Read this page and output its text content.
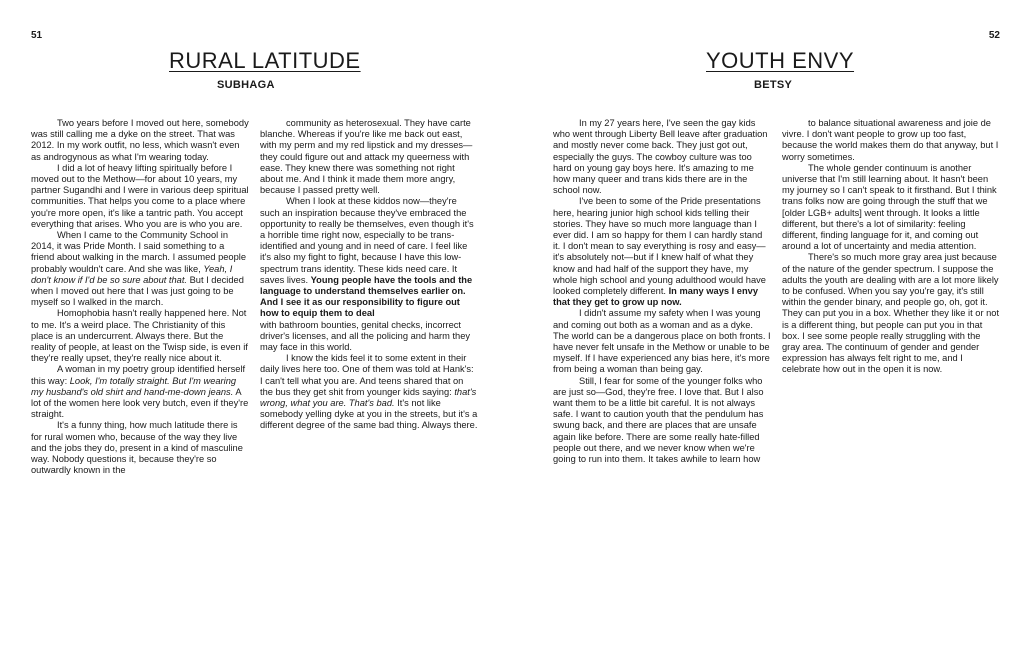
51
RURAL LATITUDE
SUBHAGA

Two years before I moved out here, somebody was still calling me a dyke on the street. That was 2012. In my work outfit, no less, which wasn't even as androgynous as what I'm wearing today.

I did a lot of heavy lifting spiritually before I moved out to the Methow—for about 10 years, my partner Sugandhi and I were in various deep spiritual communities. That helps you come to a place where you're more open, it's like a tantric path. You accept everything that arises. Who you are is who you are.

When I came to the Community School in 2014, it was Pride Month. I said something to a friend about walking in the march. I assumed people probably wouldn't care. And she was like, Yeah, I don't know if I'd be so sure about that. But I decided when I moved out here that I was just going to be myself so I walked in the march.

Homophobia hasn't really happened here. Not to me. It's a weird place. The Christianity of this place is an undercurrent. Always there. But the reality of people, at least on the Twisp side, is even if they're really upset, they're really nice about it.

A woman in my poetry group identified herself this way: Look, I'm totally straight. But I'm wearing my husband's old shirt and hand-me-down jeans. A lot of the women here look very butch, even if they're straight.

It's a funny thing, how much latitude there is for rural women who, because of the way they live and the jobs they do, present in a kind of masculine way. Nobody questions it, because they're so outwardly known in the

community as heterosexual. They have carte blanche. Whereas if you're like me back out east, with my perm and my red lipstick and my dresses—they could figure out and attack my queerness with ease. They knew there was something not right about me. And I think it made them more angry, because I passed pretty well.

When I look at these kiddos now—they're such an inspiration because they've embraced the opportunity to really be themselves, even though it's a horrible time right now, especially to be trans-identified and young and in need of care. I feel like it's also my fight to fight, because I have this low-spectrum trans identity. These kids need care. It saves lives. Young people have the tools and the language to understand themselves earlier on. And I see it as our responsibility to figure out how to equip them to deal

with bathroom bounties, genital checks, incorrect driver's licenses, and all the policing and harm they may face in this world.

I know the kids feel it to some extent in their daily lives here too. One of them was told at Hank's: I can't tell what you are. And teens shared that on the bus they get shit from younger kids saying: that's wrong, what you are. That's bad. It's not like somebody yelling dyke at you in the streets, but it's a different degree of the same bad thing. Always there.

52
YOUTH ENVY
BETSY

In my 27 years here, I've seen the gay kids who went through Liberty Bell leave after graduation and mostly never come back. They just got out, especially the guys. The cowboy culture was too hard on young gay boys here. It's amazing to me how many queer and trans kids there are in the school now.

I've been to some of the Pride presentations here, hearing junior high school kids telling their stories. They have so much more language than I ever did. I am so happy for them I can hardly stand it. I don't mean to say everything is rosy and easy—it's absolutely not—but if I knew half of what they know and had half of the support they have, my whole high school and young adulthood would have looked completely different. In many ways I envy that they get to grow up now.

I didn't assume my safety when I was young and coming out both as a woman and as a dyke. The world can be a dangerous place on both fronts. I have never felt unsafe in the Methow or unable to be myself. If I have experienced any bias here, it's more from being a woman than being gay.

Still, I fear for some of the younger folks who are just so—God, they're free. I love that. But I also want them to be a little bit careful. It is not always safe. I want to caution youth that the pendulum has swung back, and there are places that are unsafe again like before. There are some really hate-filled people out there, and we never know when we're going to run into them. It takes awhile to learn how

to balance situational awareness and joie de vivre. I don't want people to grow up too fast, because the world makes them do that anyway, but I worry sometimes.

The whole gender continuum is another universe that I'm still learning about. It hasn't been my journey so I can't speak to it firsthand. But I think trans folks now are going through the stuff that we [older LGB+ adults] went through. It looks a little different, but there's a lot of similarity: feeling different, finding language for it, and coming out around a lot of uncertainty and media attention.

There's so much more gray area just because of the nature of the gender spectrum. I suppose the adults the youth are dealing with are a lot more likely to be confused. When you say you're gay, it's still within the gender binary, and people go, oh, got it. They can put you in a box. Whether they like it or not is a different thing, but people can put you in that box. I see some people really struggling with the gray area. The continuum of gender and gender expression has always felt right to me, and I celebrate how out in the open it is now.
